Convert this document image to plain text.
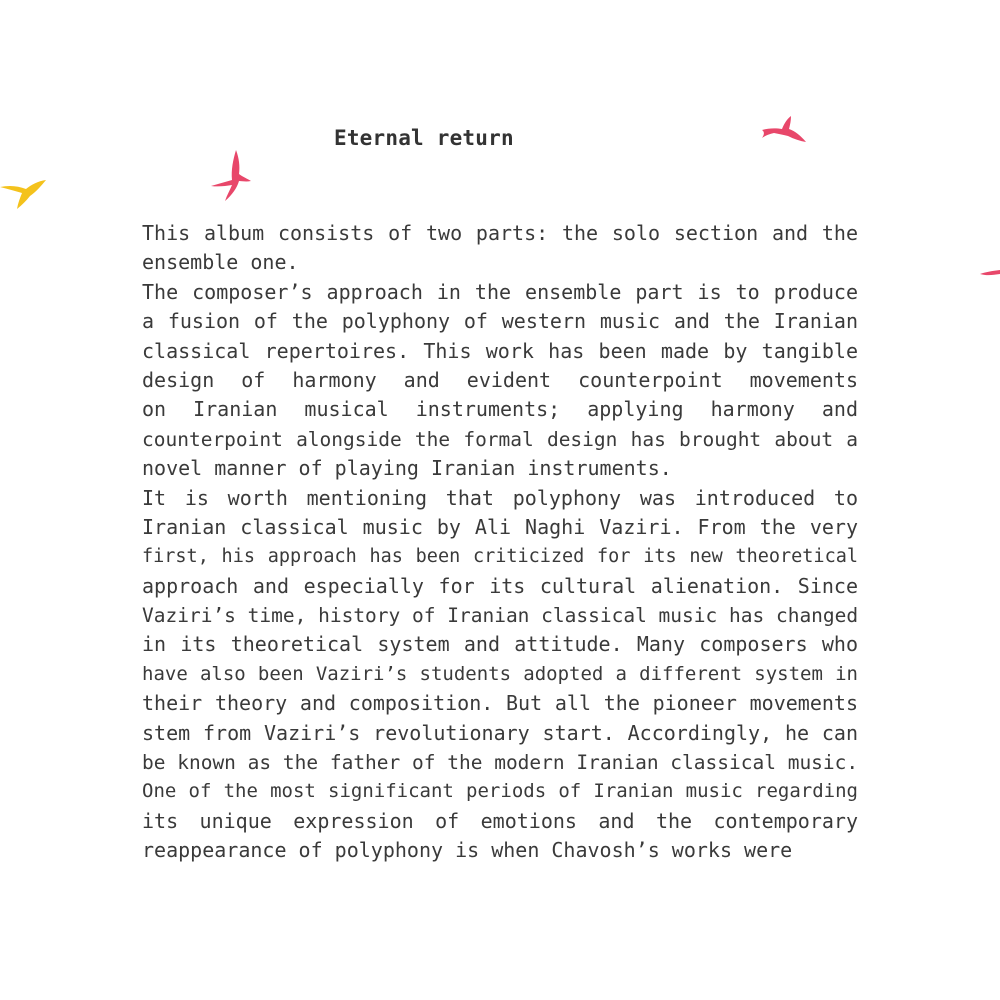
Eternal return
This album consists of two parts: the solo section and the
ensemble one.
The composer’s approach in the ensemble part is to produce
a fusion of the polyphony of western music and the Iranian
classical repertoires. This work has been made by tangible
design of harmony and evident counterpoint movements
on Iranian musical instruments; applying harmony and
counterpoint alongside the formal design has brought about a
novel manner of playing Iranian instruments.
It is worth mentioning that polyphony was introduced to
Iranian classical music by Ali Naghi Vaziri. From the very
first, his approach has been criticized for its new theoretical
approach and especially for its cultural alienation. Since
Vaziri’s time, history of Iranian classical music has changed
in its theoretical system and attitude. Many composers who
have also been Vaziri’s students adopted a different system in
their theory and composition. But all the pioneer movements
stem from Vaziri’s revolutionary start. Accordingly, he can
be known as the father of the modern Iranian classical music.
One of the most significant periods of Iranian music regarding
its unique expression of emotions and the contemporary
reappearance of polyphony is when Chavosh’s works were
